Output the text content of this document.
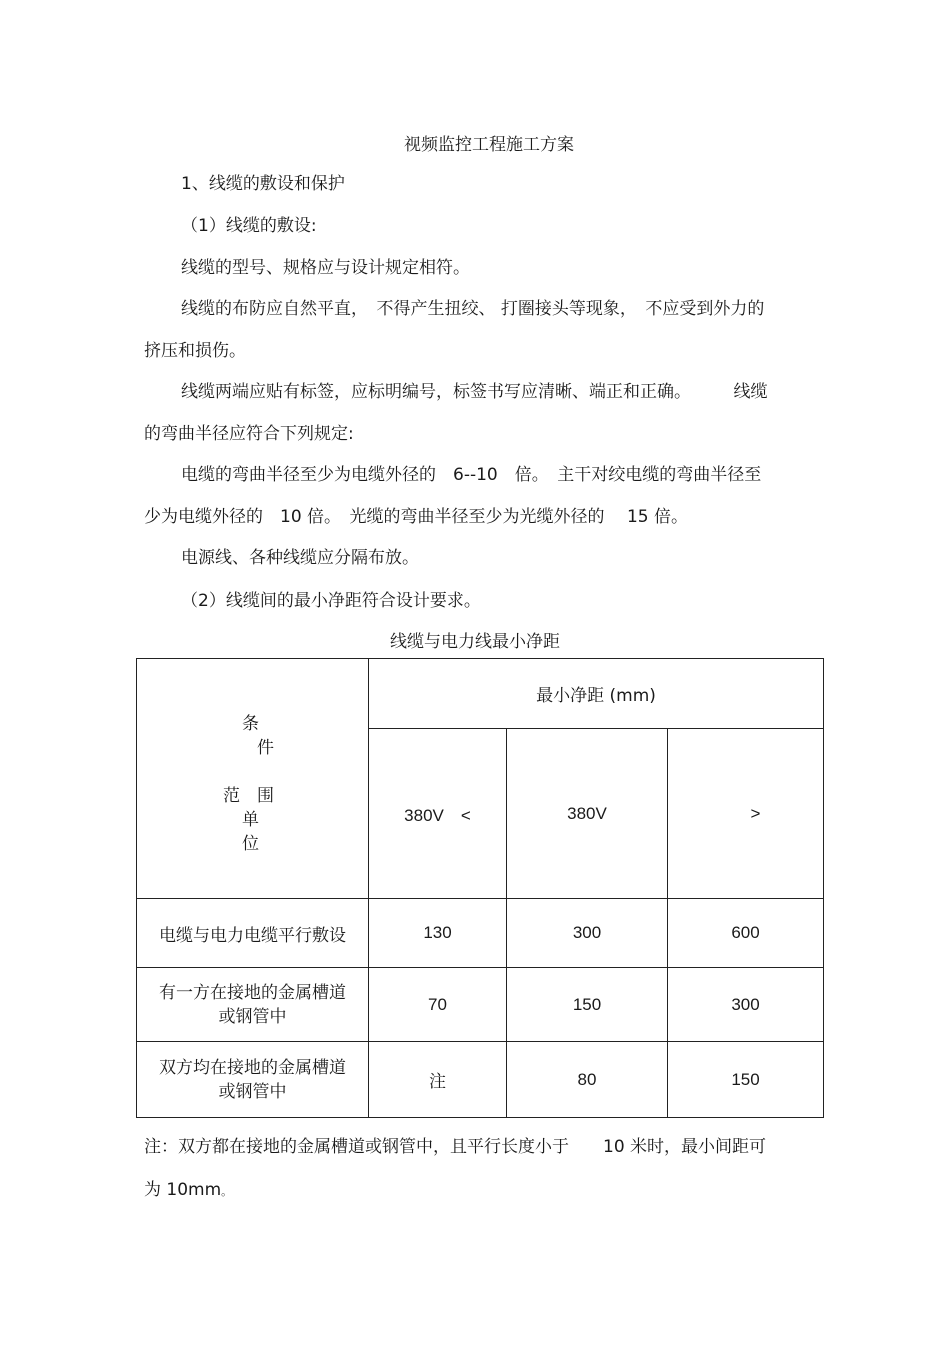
视频监控工程施工方案
1、线缆的敷设和保护
（1）线缆的敷设:
线缆的型号、规格应与设计规定相符。
线缆的布防应自然平直，　不得产生扭绞、 打圈接头等现象，　不应受到外力的
挤压和损伤。
线缆两端应贴有标签，应标明编号，标签书写应清晰、端正和正确。　　　线缆
的弯曲半径应符合下列规定:
电缆的弯曲半径至少为电缆外径的　6--10　倍。　主干对绞电缆的弯曲半径至
少为电缆外径的　10 倍。　光缆的弯曲半径至少为光缆外径的　 15 倍。
电源线、各种线缆应分隔布放。
（2）线缆间的最小净距符合设计要求。
线缆与电力线最小净距
条
件
范　围
单
位	最小净距 (mm)		
	380V　<	380V	>
电缆与电力电缆平行敷设	130	300	600

有一方在接地的金属槽道
或钢管中	70	150	300

双方均在接地的金属槽道
或钢管中	注	80	150
注：双方都在接地的金属槽道或钢管中，且平行长度小于　　10 米时，最小间距可
为 10mm。
